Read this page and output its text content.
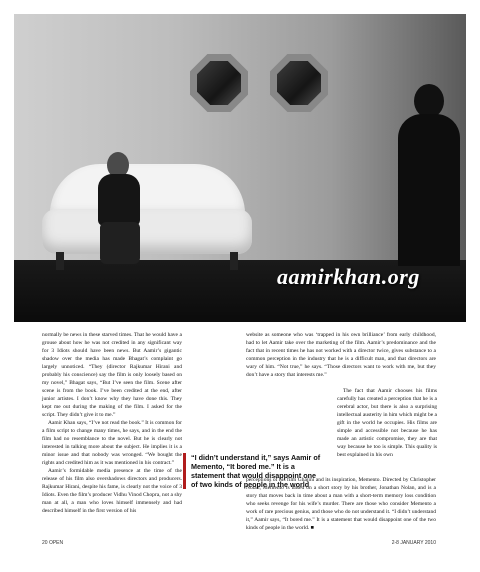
aamirkhan.org

normally be news in these starved times. That he would have a grouse about how he was not credited in any significant way for 3 Idiots should have been news. But Aamir’s gigantic shadow over the media has made Bhagat’s complaint go largely unnoticed. “They (director Rajkumar Hirani and probably his conscience) say the film is only loosely based on my novel,” Bhagat says, “But I’ve seen the film. Scene after scene is from the book. I’ve been credited at the end, after junior artistes. I don’t know why they have done this. They kept me out during the making of the film. I asked for the script. They didn’t give it to me.”

Aamir Khan says, “I’ve not read the book.” It is common for a film script to change many times, he says, and in the end the film had no resemblance to the novel. But he is clearly not interested in talking more about the subject. He implies it is a minor issue and that nobody was wronged. “We bought the rights and credited him as it was mentioned in his contract.”

Aamir’s formidable media presence at the time of the release of his film also overshadows directors and producers. Rajkumar Hirani, despite his fame, is clearly not the voice of 3 Idiots. Even the film’s producer Vidhu Vinod Chopra, not a shy man at all, a man who loves himself immensely and had described himself in the first version of his

website as someone who was ‘trapped in his own brilliance’ from early childhood, had to let Aamir take over the marketing of the film. Aamir’s predominance and the fact that in recent times he has not worked with a director twice, gives substance to a common perception in the industry that he is a difficult man, and that directors are wary of him. “Not true,” he says. “Those directors want to work with me, but they don’t have a story that interests me.”

The fact that Aamir chooses his films carefully has created a perception that he is a cerebral actor, but there is also a surprising intellectual austerity in him which might be a gift in the world he occupies. His films are simple and accessible not because he has made an artistic compromise, they are that way because he too is simple. This quality is best explained in his own

“I didn’t understand it,” says Aamir of Memento, “It bored me.” It is a statement that would disappoint one of two kinds of people in the world

perceptions of his film Ghajini and its inspiration, Memento. Directed by Christopher Nolan, Memento is based on a short story by his brother, Jonathan Nolan, and is a story that moves back in time about a man with a short-term memory loss condition who seeks revenge for his wife’s murder. There are those who consider Memento a work of rare precious genius, and those who do not understand it. “I didn’t understand it,” Aamir says, “It bored me.” It is a statement that would disappoint one of the two kinds of people in the world. ■

20 OPEN	2-8 JANUARY 2010
